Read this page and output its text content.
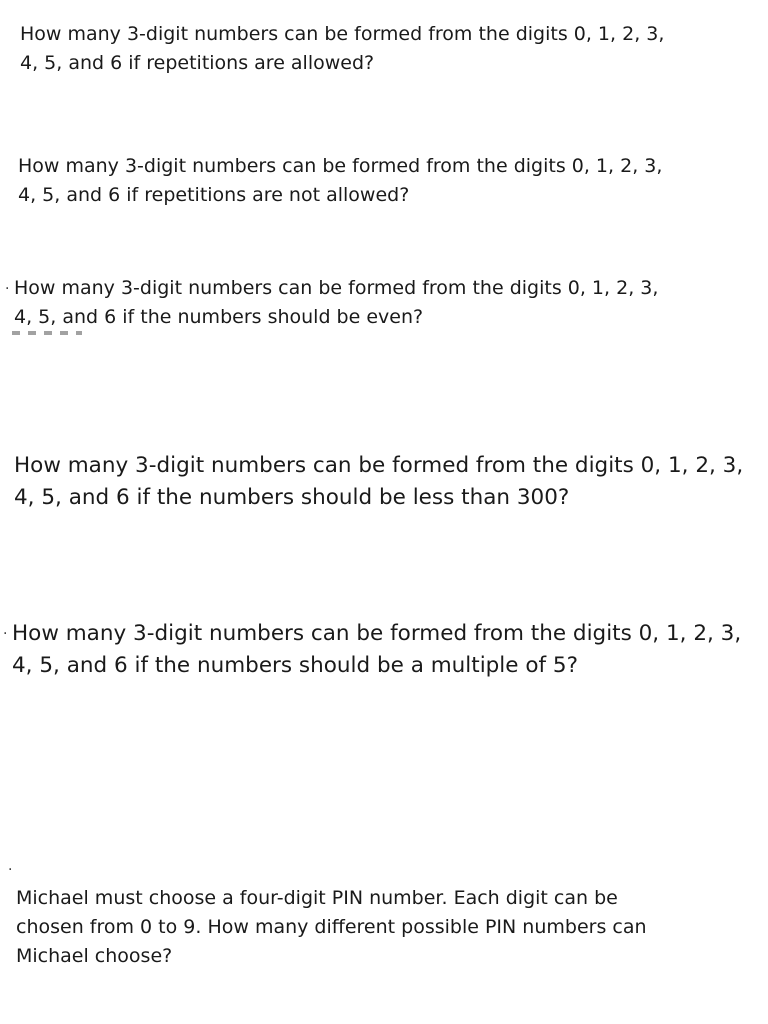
How many 3-digit numbers can be formed from the digits 0, 1, 2, 3,
4, 5, and 6 if repetitions are allowed?

How many 3-digit numbers can be formed from the digits 0, 1, 2, 3,
4, 5, and 6 if repetitions are not allowed?

· How many 3-digit numbers can be formed from the digits 0, 1, 2, 3,
4, 5, and 6 if the numbers should be even?

How many 3-digit numbers can be formed from the digits 0, 1, 2, 3,
4, 5, and 6 if the numbers should be less than 300?

· How many 3-digit numbers can be formed from the digits 0, 1, 2, 3,
4, 5, and 6 if the numbers should be a multiple of 5?

·

Michael must choose a four-digit PIN number. Each digit can be
chosen from 0 to 9. How many different possible PIN numbers can
Michael choose?
